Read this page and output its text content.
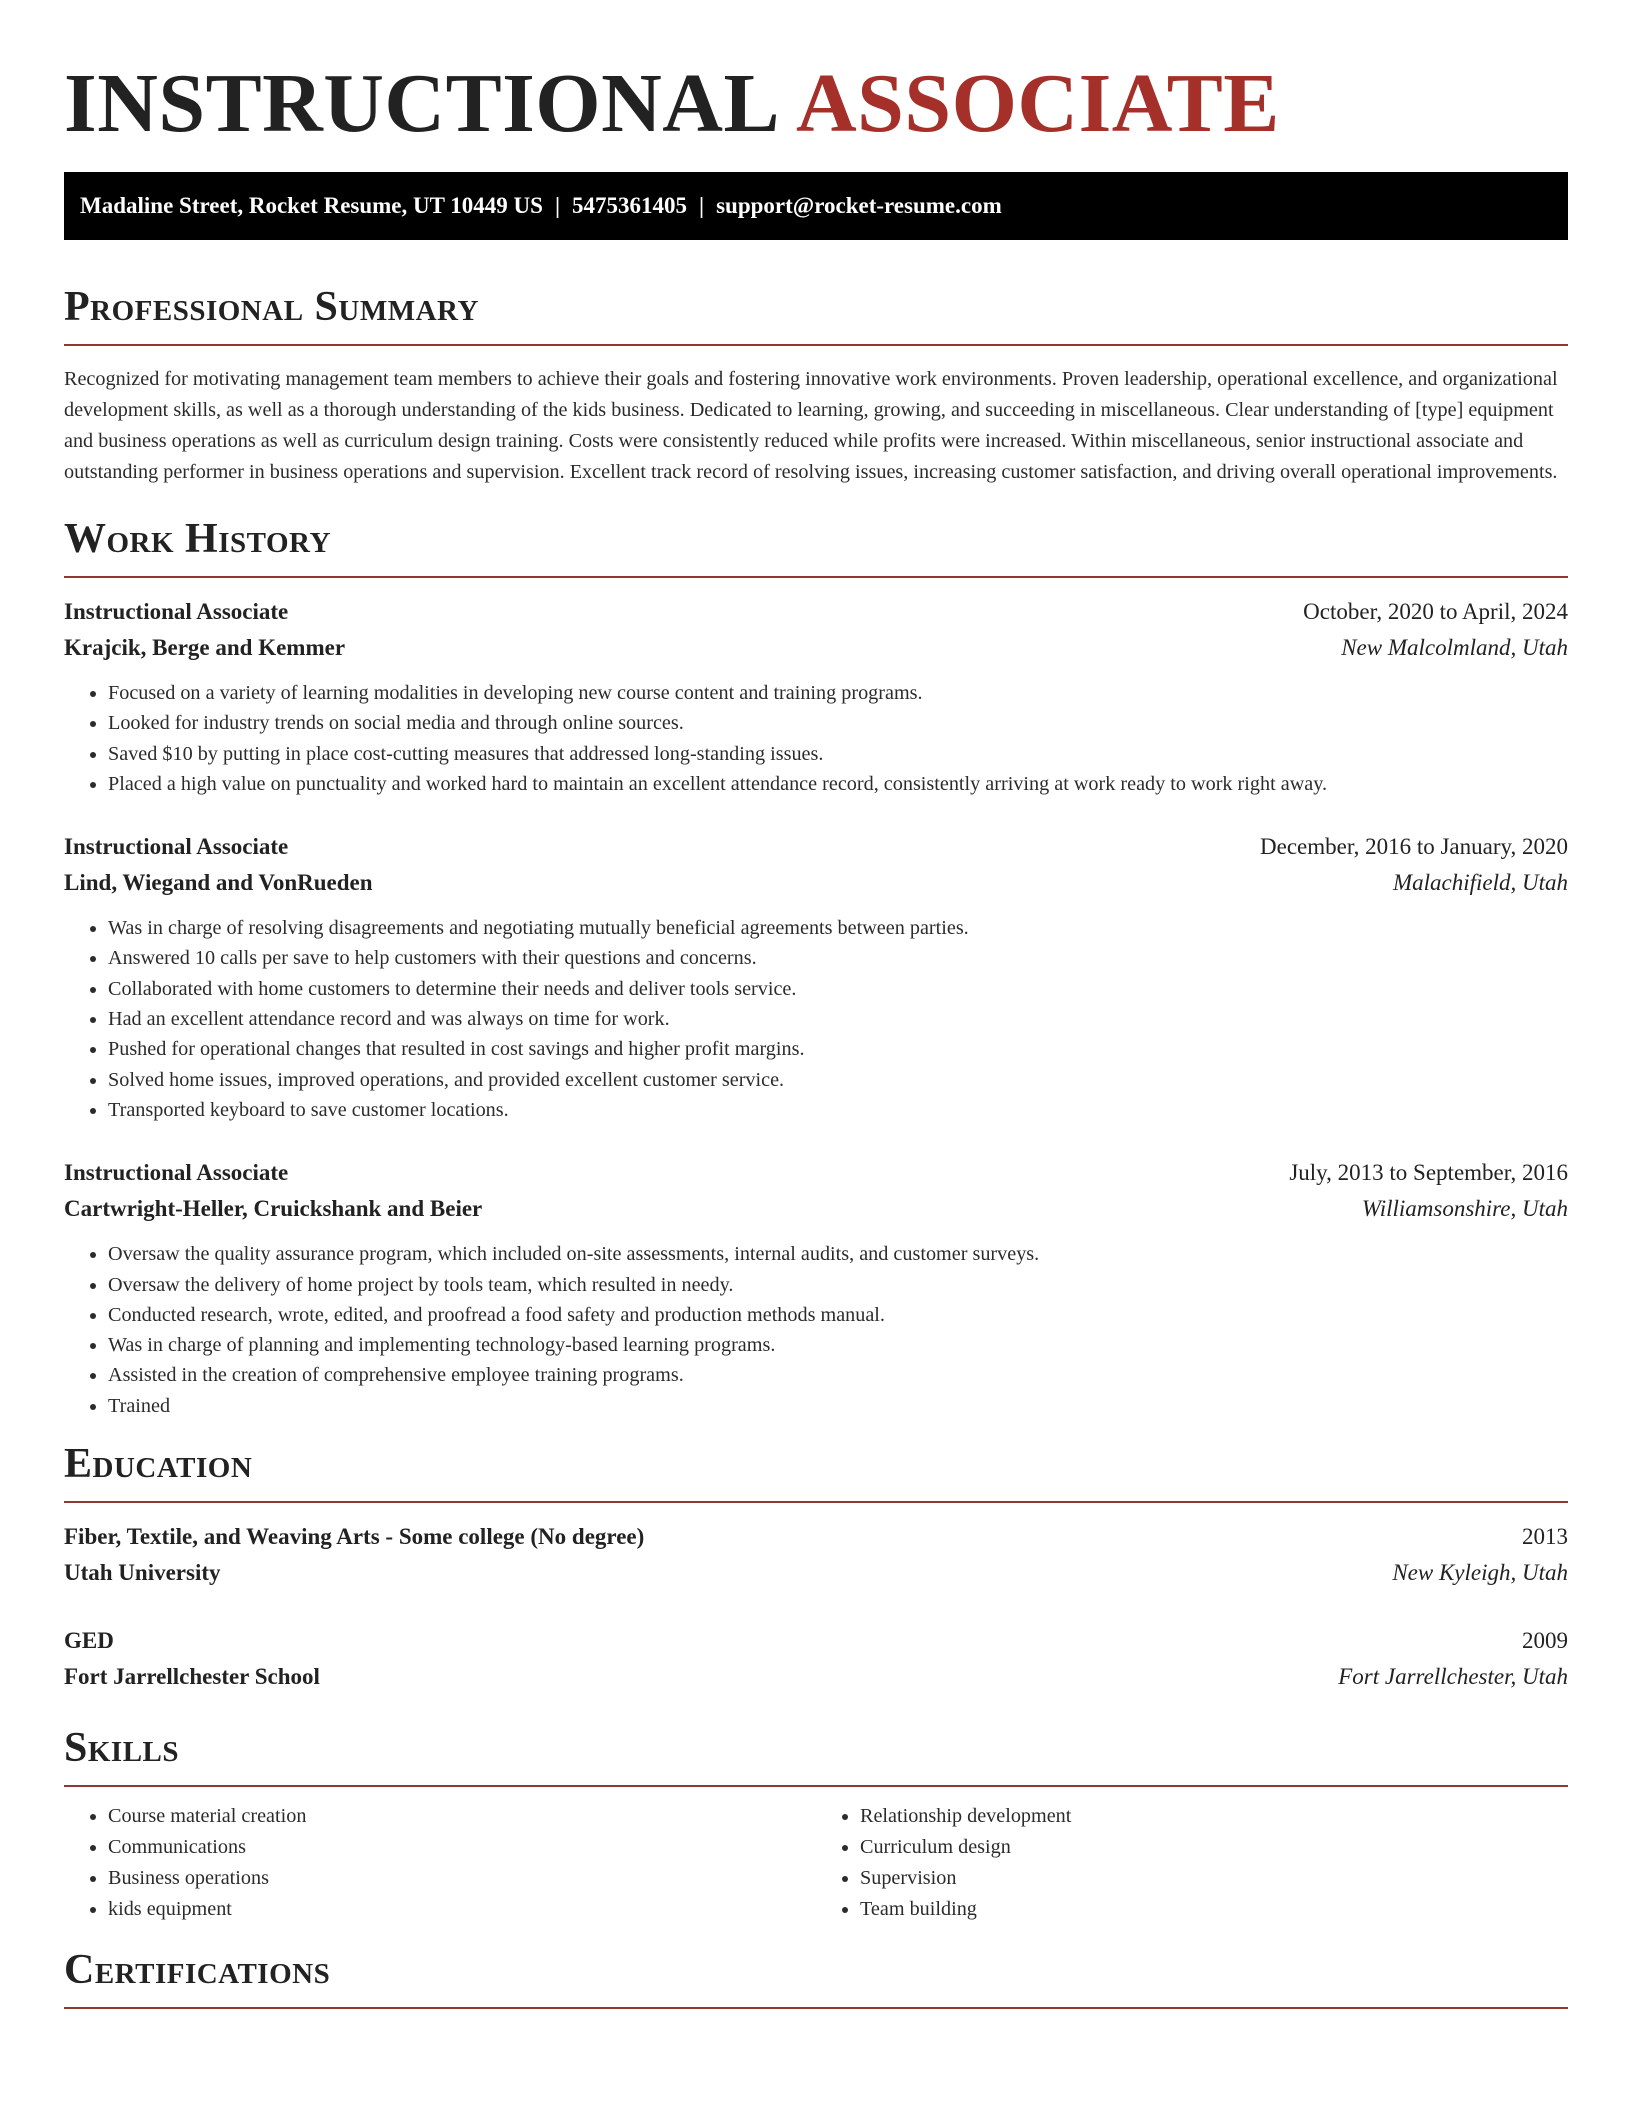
INSTRUCTIONAL ASSOCIATE
Madaline Street, Rocket Resume, UT 10449 US | 5475361405 | support@rocket-resume.com
Professional Summary

Recognized for motivating management team members to achieve their goals and fostering innovative work environments. Proven leadership, operational excellence, and organizational development skills, as well as a thorough understanding of the kids business. Dedicated to learning, growing, and succeeding in miscellaneous. Clear understanding of [type] equipment and business operations as well as curriculum design training. Costs were consistently reduced while profits were increased. Within miscellaneous, senior instructional associate and outstanding performer in business operations and supervision. Excellent track record of resolving issues, increasing customer satisfaction, and driving overall operational improvements.

Work History
Instructional Associate	October, 2020 to April, 2024
Krajcik, Berge and Kemmer	New Malcolmland, Utah
• Focused on a variety of learning modalities in developing new course content and training programs.
• Looked for industry trends on social media and through online sources.
• Saved $10 by putting in place cost-cutting measures that addressed long-standing issues.
• Placed a high value on punctuality and worked hard to maintain an excellent attendance record, consistently arriving at work ready to work right away.
Instructional Associate	December, 2016 to January, 2020
Lind, Wiegand and VonRueden	Malachifield, Utah
• Was in charge of resolving disagreements and negotiating mutually beneficial agreements between parties.
• Answered 10 calls per save to help customers with their questions and concerns.
• Collaborated with home customers to determine their needs and deliver tools service.
• Had an excellent attendance record and was always on time for work.
• Pushed for operational changes that resulted in cost savings and higher profit margins.
• Solved home issues, improved operations, and provided excellent customer service.
• Transported keyboard to save customer locations.
Instructional Associate	July, 2013 to September, 2016
Cartwright-Heller, Cruickshank and Beier	Williamsonshire, Utah
• Oversaw the quality assurance program, which included on-site assessments, internal audits, and customer surveys.
• Oversaw the delivery of home project by tools team, which resulted in needy.
• Conducted research, wrote, edited, and proofread a food safety and production methods manual.
• Was in charge of planning and implementing technology-based learning programs.
• Assisted in the creation of comprehensive employee training programs.
• Trained
Education
Fiber, Textile, and Weaving Arts - Some college (No degree)	2013
Utah University	New Kyleigh, Utah
GED	2009
Fort Jarrellchester School	Fort Jarrellchester, Utah
Skills
• Course material creation
• Communications
• Business operations
• kids equipment
• Relationship development
• Curriculum design
• Supervision
• Team building
Certifications
